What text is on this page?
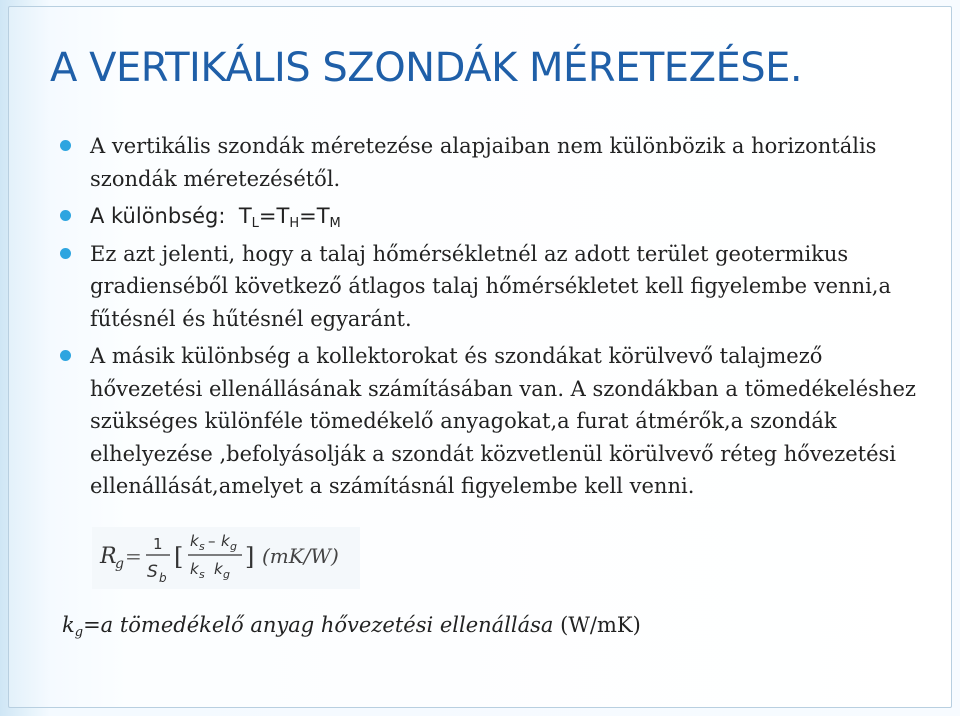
A VERTIKÁLIS SZONDÁK MÉRETEZÉSE.
A vertikális szondák méretezése alapjaiban nem különbözik a horizontális szondák méretezésétől.
A különbség:  $T_L=T_H=T_M$
Ez azt jelenti, hogy a talaj hőmérsékletnél az adott terület geotermikus gradienséből következő átlagos talaj hőmérsékletet kell figyelembe venni,a fűtésnél és hűtésnél egyaránt.
A másik különbség a kollektorokat és szondákat körülvevő talajmező hővezetési ellenállásának számításában van. A szondákban a tömedékeléshez szükséges különféle tömedékelő anyagokat,a furat átmérők,a szondák elhelyezése ,befolyásolják a szondát közvetlenül körülvevő réteg hővezetési ellenállását,amelyet a számításnál figyelembe kell venni.
R
g = 1
S b
[
k s – k g
k s k g
] (mK/W)
$k_g=a$ tömedékelő anyag hővezetési ellenállása (W/mK)
